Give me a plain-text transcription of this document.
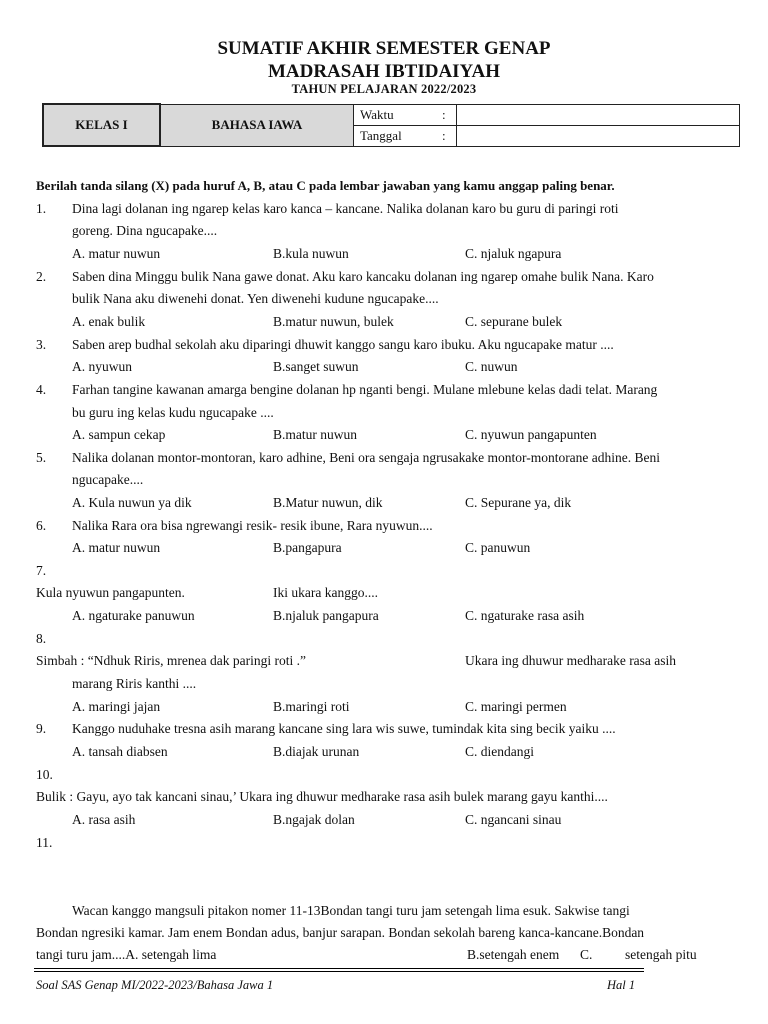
SUMATIF AKHIR SEMESTER GENAP
MADRASAH IBTIDAIYAH
TAHUN PELAJARAN 2022/2023
KELAS I	BAHASA IAWA	Waktu	:	
		Tanggal	:	
Berilah tanda silang (X) pada huruf A, B, atau C pada lembar jawaban yang kamu anggap paling benar.
1. Dina lagi dolanan ing ngarep kelas karo kanca – kancane. Nalika dolanan karo bu guru di paringi roti
goreng. Dina ngucapake....
A. matur nuwun	B.kula nuwun	C. njaluk ngapura
2. Saben dina Minggu bulik Nana gawe donat. Aku karo kancaku dolanan ing ngarep omahe bulik Nana. Karo
bulik Nana aku diwenehi donat. Yen diwenehi kudune ngucapake....
A. enak bulik	B.matur nuwun, bulek	C. sepurane bulek
3. Saben arep budhal sekolah aku diparingi dhuwit kanggo sangu karo ibuku. Aku ngucapake matur ....
A. nyuwun	B.sanget suwun	C. nuwun
4. Farhan tangine kawanan amarga bengine dolanan hp nganti bengi. Mulane mlebune kelas dadi telat. Marang
bu guru ing kelas kudu ngucapake ....
A. sampun cekap	B.matur nuwun	C. nyuwun pangapunten
5. Nalika dolanan montor-montoran, karo adhine, Beni ora sengaja ngrusakake montor-montorane adhine. Beni
ngucapake....
A. Kula nuwun ya dik	B.Matur nuwun, dik	C. Sepurane ya, dik
6. Nalika Rara ora bisa ngrewangi resik- resik ibune, Rara nyuwun....
A. matur nuwun	B.pangapura	C. panuwun
7.
Kula nyuwun pangapunten.	Iki ukara kanggo....
A. ngaturake panuwun	B.njaluk pangapura	C. ngaturake rasa asih
8.
Simbah : “Ndhuk Riris, mrenea dak paringi roti .”	Ukara ing dhuwur medharake rasa asih
marang Riris kanthi ....
A. maringi jajan	B.maringi roti	C. maringi permen
9. Kanggo nuduhake tresna asih marang kancane sing lara wis suwe, tumindak kita sing becik yaiku ....
A. tansah diabsen	B.diajak urunan	C. diendangi
10.
Bulik : Gayu, ayo tak kancani sinau,’ Ukara ing dhuwur medharake rasa asih bulek marang gayu kanthi....
A. rasa asih	B.ngajak dolan	C. ngancani sinau
11.
Wacan kanggo mangsuli pitakon nomer 11-13Bondan tangi turu jam setengah lima esuk. Sakwise tangi
Bondan ngresiki kamar. Jam enem Bondan adus, banjur sarapan. Bondan sekolah bareng kanca-kancane.Bondan
tangi turu jam....A. setengah lima	B.setengah enem C. setengah pitu
Soal SAS Genap MI/2022-2023/Bahasa Jawa 1	Hal 1
